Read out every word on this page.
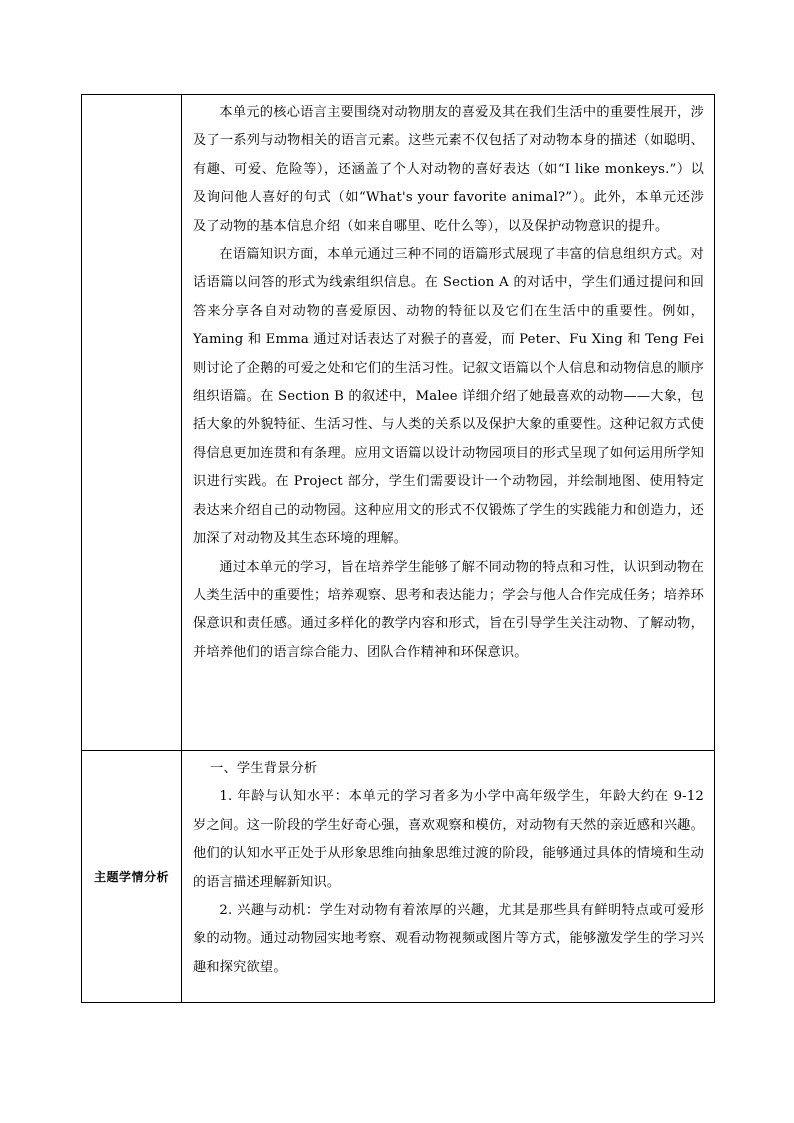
	本单元的核心语言主要围绕对动物朋友的喜爱及其在我们生活中的重要性展开，涉及了一系列与动物相关的语言元素。这些元素不仅包括了对动物本身的描述（如聪明、有趣、可爱、危险等），还涵盖了个人对动物的喜好表达（如“I like monkeys.”）以及询问他人喜好的句式（如“What's your favorite animal?”）。此外，本单元还涉及了动物的基本信息介绍（如来自哪里、吃什么等），以及保护动物意识的提升。

在语篇知识方面，本单元通过三种不同的语篇形式展现了丰富的信息组织方式。对话语篇以问答的形式为线索组织信息。在 Section A 的对话中，学生们通过提问和回答来分享各自对动物的喜爱原因、动物的特征以及它们在生活中的重要性。例如，Yaming 和 Emma 通过对话表达了对猴子的喜爱，而 Peter、Fu Xing 和 Teng Fei 则讨论了企鹅的可爱之处和它们的生活习性。记叙文语篇以个人信息和动物信息的顺序组织语篇。在 Section B 的叙述中，Malee 详细介绍了她最喜欢的动物——大象，包括大象的外貌特征、生活习性、与人类的关系以及保护大象的重要性。这种记叙方式使得信息更加连贯和有条理。应用文语篇以设计动物园项目的形式呈现了如何运用所学知识进行实践。在 Project 部分，学生们需要设计一个动物园，并绘制地图、使用特定表达来介绍自己的动物园。这种应用文的形式不仅锻炼了学生的实践能力和创造力，还加深了对动物及其生态环境的理解。

通过本单元的学习，旨在培养学生能够了解不同动物的特点和习性，认识到动物在人类生活中的重要性；培养观察、思考和表达能力；学会与他人合作完成任务；培养环保意识和责任感。通过多样化的教学内容和形式，旨在引导学生关注动物、了解动物，并培养他们的语言综合能力、团队合作精神和环保意识。

主题学情分析	一、学生背景分析

1. 年龄与认知水平：本单元的学习者多为小学中高年级学生，年龄大约在 9-12 岁之间。这一阶段的学生好奇心强，喜欢观察和模仿，对动物有天然的亲近感和兴趣。他们的认知水平正处于从形象思维向抽象思维过渡的阶段，能够通过具体的情境和生动的语言描述理解新知识。

2. 兴趣与动机：学生对动物有着浓厚的兴趣，尤其是那些具有鲜明特点或可爱形象的动物。通过动物园实地考察、观看动物视频或图片等方式，能够激发学生的学习兴趣和探究欲望。
